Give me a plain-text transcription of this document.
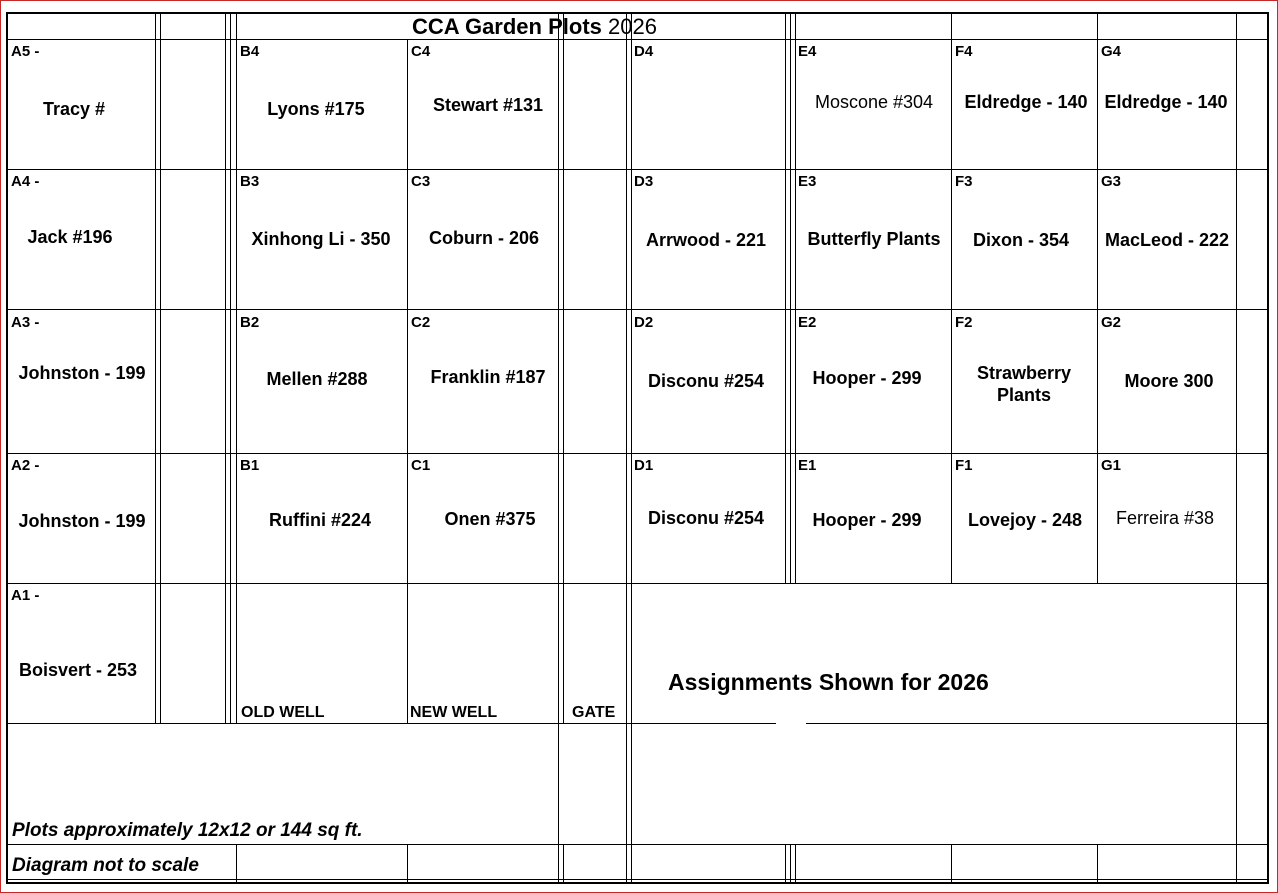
CCA Garden Plots 2026
A5 -
Tracy #
A4 -
Jack #196
A3 -
Johnston - 199
A2 -
Johnston - 199
A1 -
Boisvert - 253
B4
Lyons #175
B3
Xinhong Li - 350
B2
Mellen #288
B1
Ruffini #224
C4
Stewart #131
C3
Coburn - 206
C2
Franklin #187
C1
Onen #375
D4
D3
Arrwood - 221
D2
Disconu #254
D1
Disconu #254
E4
Moscone #304
E3
Butterfly Plants
E2
Hooper - 299
E1
Hooper - 299
F4
Eldredge - 140
F3
Dixon - 354
F2
Strawberry
Plants
F1
Lovejoy - 248
G4
Eldredge - 140
G3
MacLeod - 222
G2
Moore 300
G1
Ferreira #38
OLD WELL	NEW WELL	GATE
Assignments Shown for 2026
Plots approximately 12x12 or 144 sq ft.
Diagram not to scale
